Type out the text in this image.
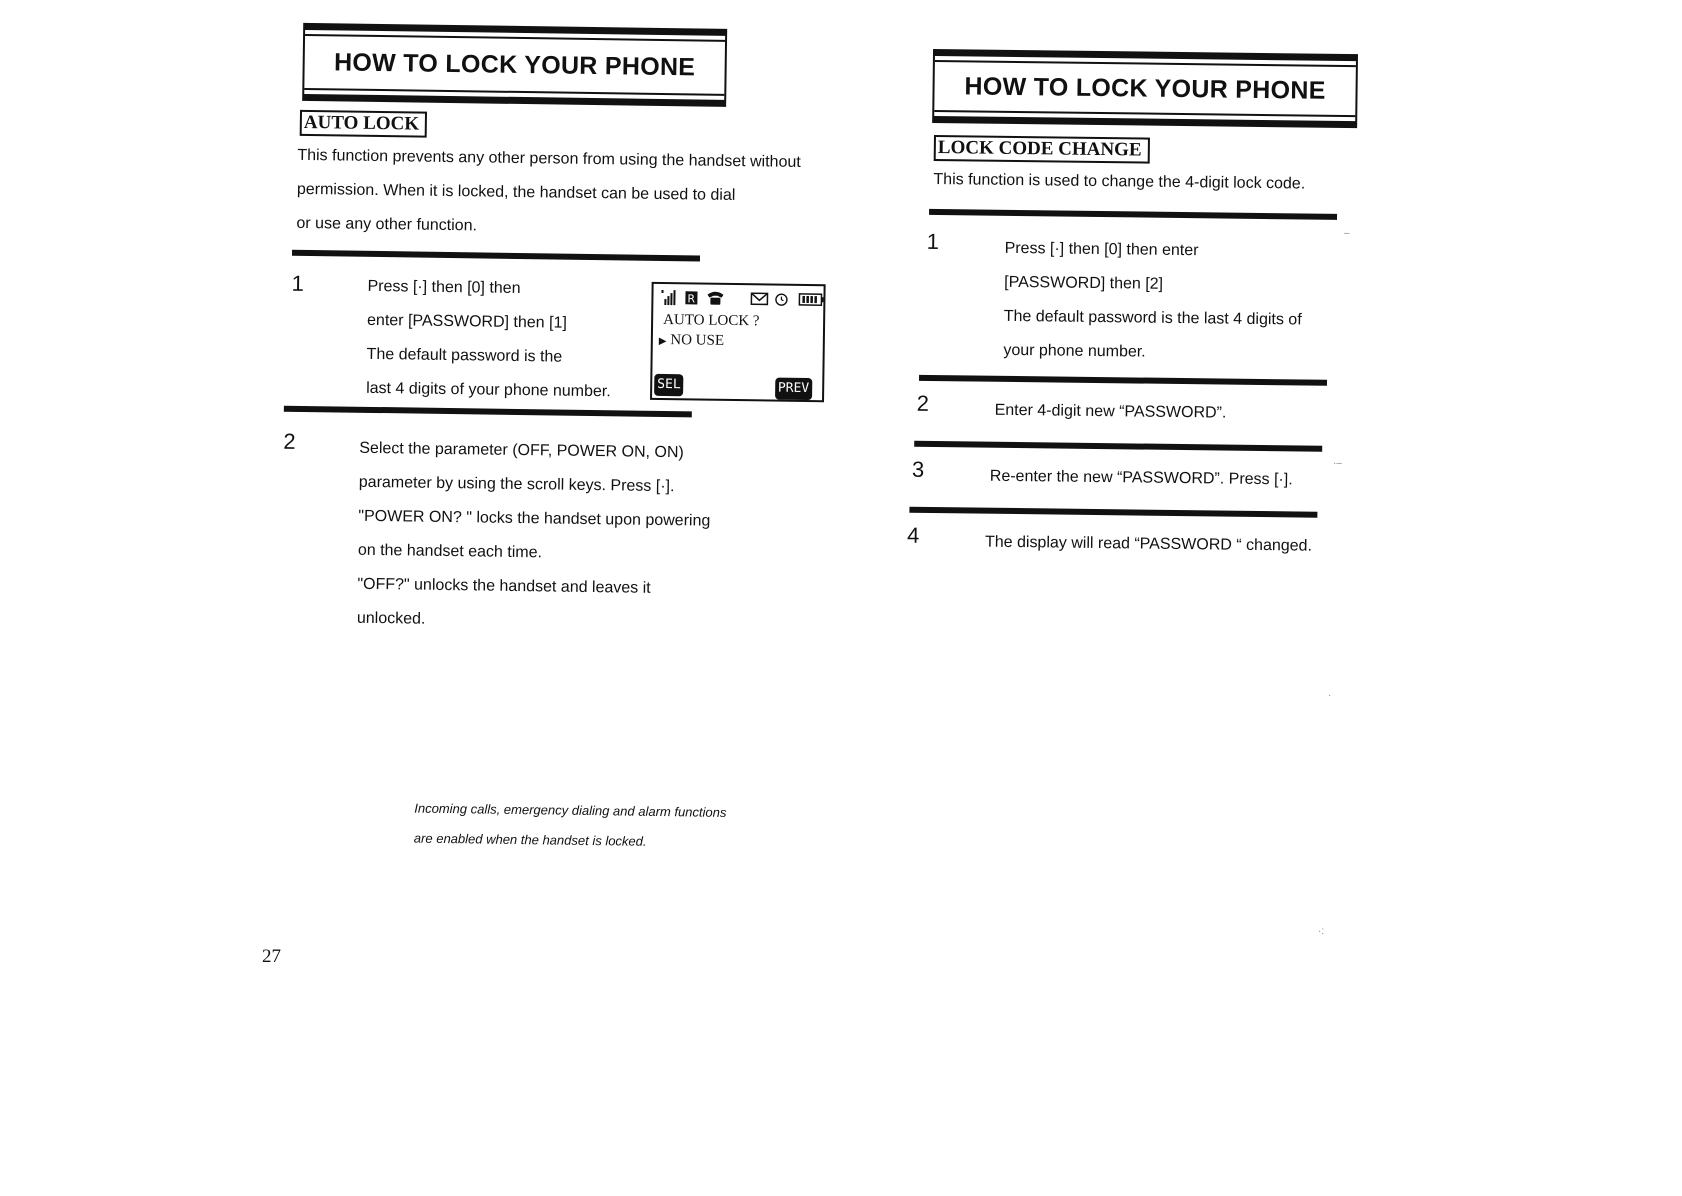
HOW TO LOCK YOUR PHONE
AUTO LOCK
This function prevents any other person from using the handset without
permission. When it is locked, the handset can be used to dial
or use any other function.
1	Press [·] then [0] then
enter [PASSWORD] then [1]
The default password is the
last 4 digits of your phone number.
R
AUTO LOCK ?
▶ NO USE
SEL	PREV
2	Select the parameter (OFF, POWER ON, ON)
parameter by using the scroll keys. Press [·].
"POWER ON? " locks the handset upon powering
on the handset each time.
"OFF?" unlocks the handset and leaves it
unlocked.
Incoming calls, emergency dialing and alarm functions
are enabled when the handset is locked.
27
HOW TO LOCK YOUR PHONE
LOCK CODE CHANGE
This function is used to change the 4-digit lock code.
1	Press [·] then [0] then enter
[PASSWORD] then [2]
The default password is the last 4 digits of
your phone number.
2	Enter 4-digit new “PASSWORD”.
3	Re-enter the new “PASSWORD”. Press [·].
4	The display will read “PASSWORD “ changed.
–
·–
·
·:
